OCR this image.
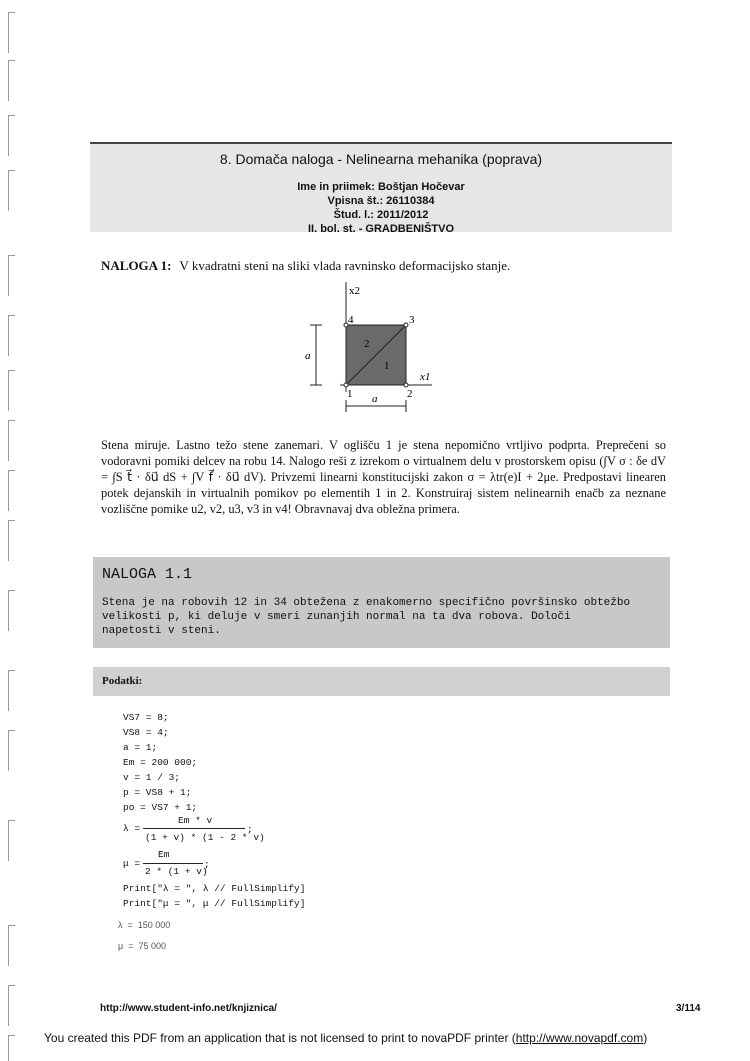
8. Domača naloga - Nelinearna mehanika (poprava)
Ime in priimek: Boštjan Hočevar
Vpisna št.: 26110384
Štud. l.: 2011/2012
II. bol. st. - GRADBENIŠTVO
NALOGA 1: V kvadratni steni na sliki vlada ravninsko deformacijsko stanje.
x2
x1
a
a
1	2
3
4
1
2
Stena miruje. Lastno težo stene zanemari. V oglišču 1 je stena nepomično vrtljivo podprta. Preprečeni so vodoravni pomiki delcev na robu 14. Nalogo reši z izrekom o virtualnem delu v prostorskem opisu (∫V σ : δe dV = ∫S t⃗ · δu⃗ dS + ∫V f⃗ · δu⃗ dV). Privzemi linearni konstitucijski zakon σ = λtr(e)I + 2μe. Predpostavi linearen potek dejanskih in virtualnih pomikov po elementih 1 in 2. Konstruiraj sistem nelinearnih enačb za neznane vozliščne pomike u2, v2, u3, v3 in v4! Obravnavaj dva obležna primera.
NALOGA 1.1
Stena je na robovih 12 in 34 obtežena z enakomerno specifično površinsko obtežbo
velikosti p, ki deluje v smeri zunanjih normal na ta dva robova. Določi
napetosti v steni.
Podatki:
VS7 = 8;
VS8 = 4;
a = 1;
Em = 200 000;
v = 1 / 3;
p = VS8 + 1;
po = VS7 + 1;
Em * v
λ =	;
(1 + v) * (1 - 2 * v)
Em
μ =	;
2 * (1 + v)
Print["λ = ", λ // FullSimplify]
Print["μ = ", μ // FullSimplify]
λ  =  150 000
μ  =  75 000
http://www.student-info.net/knjiznica/	3/114
You created this PDF from an application that is not licensed to print to novaPDF printer (http://www.novapdf.com)
